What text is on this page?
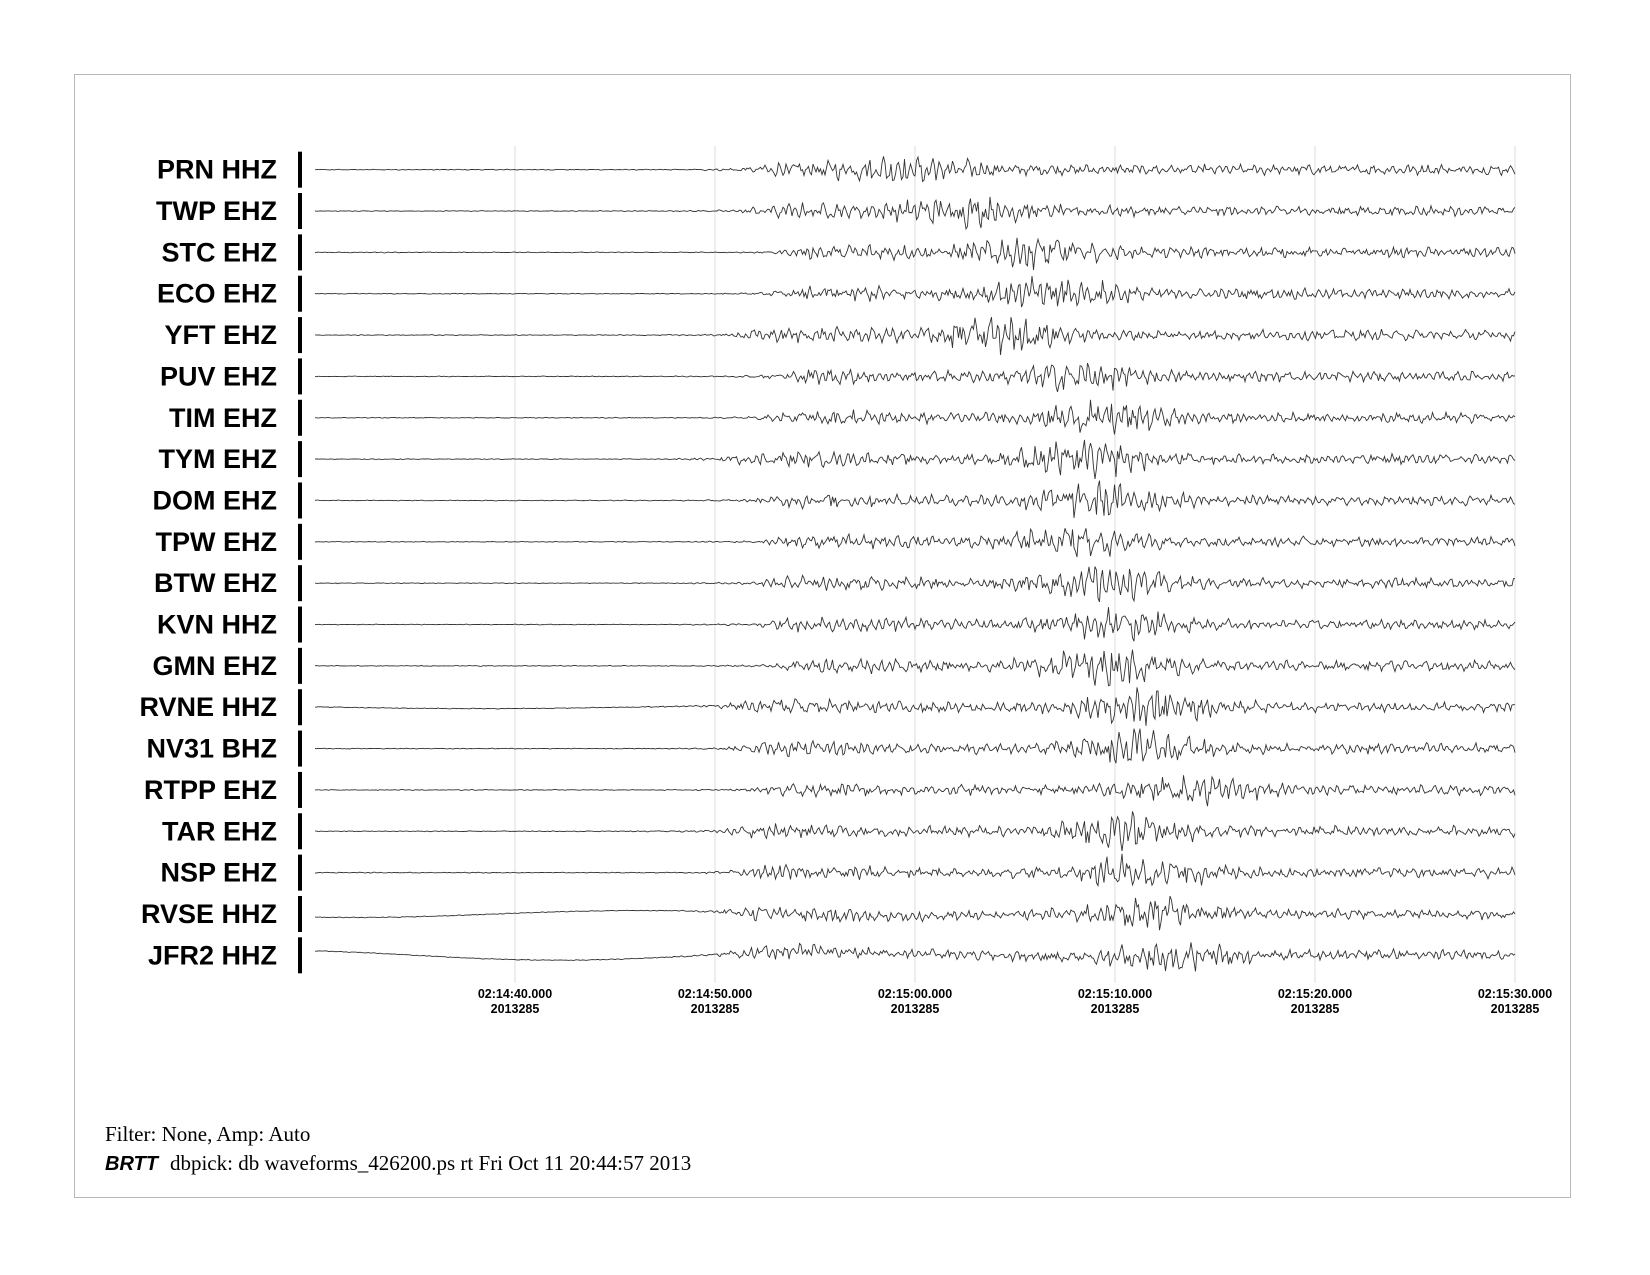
PRN HHZ
TWP EHZ
STC EHZ
ECO EHZ
YFT EHZ
PUV EHZ
TIM EHZ
TYM EHZ
DOM EHZ
TPW EHZ
BTW EHZ
KVN HHZ
GMN EHZ
RVNE HHZ
NV31 BHZ
RTPP EHZ
TAR EHZ
NSP EHZ
RVSE HHZ
JFR2 HHZ
02:14:40.000
2013285
02:14:50.000
2013285
02:15:00.000
2013285
02:15:10.000
2013285
02:15:20.000
2013285
02:15:30.000
2013285
Filter: None, Amp: Auto
BRTT dbpick: db waveforms_426200.ps rt Fri Oct 11 20:44:57 2013
